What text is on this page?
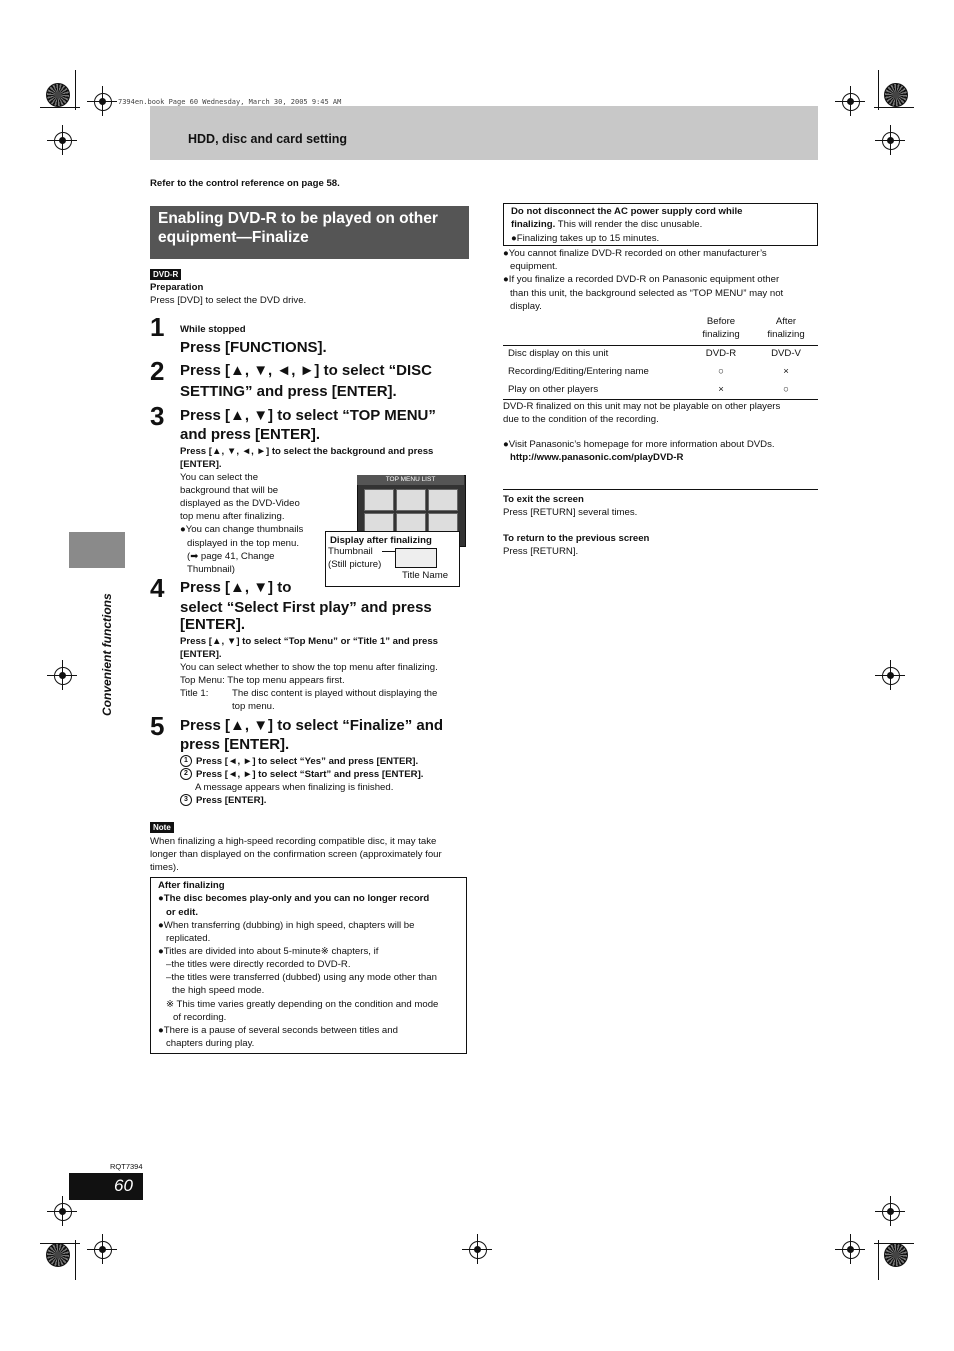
7394en.book Page 60 Wednesday, March 30, 2005 9:45 AM
HDD, disc and card setting
Convenient functions
Refer to the control reference on page 58.
Enabling DVD-R to be played on other equipment—Finalize
DVD-R
Preparation
Press [DVD] to select the DVD drive.
1 While stopped
Press [FUNCTIONS].
2 Press [▲, ▼, ◄, ►] to select “DISC
SETTING” and press [ENTER].
3 Press [▲, ▼] to select “TOP MENU”
and press [ENTER].
Press [▲, ▼, ◄, ►] to select the background and press
[ENTER].
You can select the
background that will be
displayed as the DVD-Video
top menu after finalizing.
●You can change thumbnails
displayed in the top menu.
(➡ page 41, Change
Thumbnail)
TOP MENU LIST
Display after finalizing
Thumbnail
(Still picture)
Title Name
4 Press [▲, ▼] to
select “Select First play” and press
[ENTER].
Press [▲, ▼] to select “Top Menu” or “Title 1” and press
[ENTER].
You can select whether to show the top menu after finalizing.
Top Menu: The top menu appears first.
Title 1: The disc content is played without displaying the
top menu.
5 Press [▲, ▼] to select “Finalize” and
press [ENTER].
1 Press [◄, ►] to select “Yes” and press [ENTER].
2 Press [◄, ►] to select “Start” and press [ENTER].
A message appears when finalizing is finished.
3 Press [ENTER].
Note
When finalizing a high-speed recording compatible disc, it may take
longer than displayed on the confirmation screen (approximately four
times).
After finalizing
●The disc becomes play-only and you can no longer record
or edit.
●When transferring (dubbing) in high speed, chapters will be
replicated.
●Titles are divided into about 5-minute※ chapters, if
–the titles were directly recorded to DVD-R.
–the titles were transferred (dubbed) using any mode other than
the high speed mode.
※ This time varies greatly depending on the condition and mode
of recording.
●There is a pause of several seconds between titles and
chapters during play.
Do not disconnect the AC power supply cord while
finalizing. This will render the disc unusable.
●Finalizing takes up to 15 minutes.
●You cannot finalize DVD-R recorded on other manufacturer’s
equipment.
●If you finalize a recorded DVD-R on Panasonic equipment other
than this unit, the background selected as “TOP MENU” may not
display.
Before
finalizing
After
finalizing
Disc display on this unit	DVD-R	DVD-V
Recording/Editing/Entering name	○	×
Play on other players	×	○
DVD-R finalized on this unit may not be playable on other players
due to the condition of the recording.
●Visit Panasonic’s homepage for more information about DVDs.
http://www.panasonic.com/playDVD-R
To exit the screen
Press [RETURN] several times.
To return to the previous screen
Press [RETURN].
RQT7394
60
